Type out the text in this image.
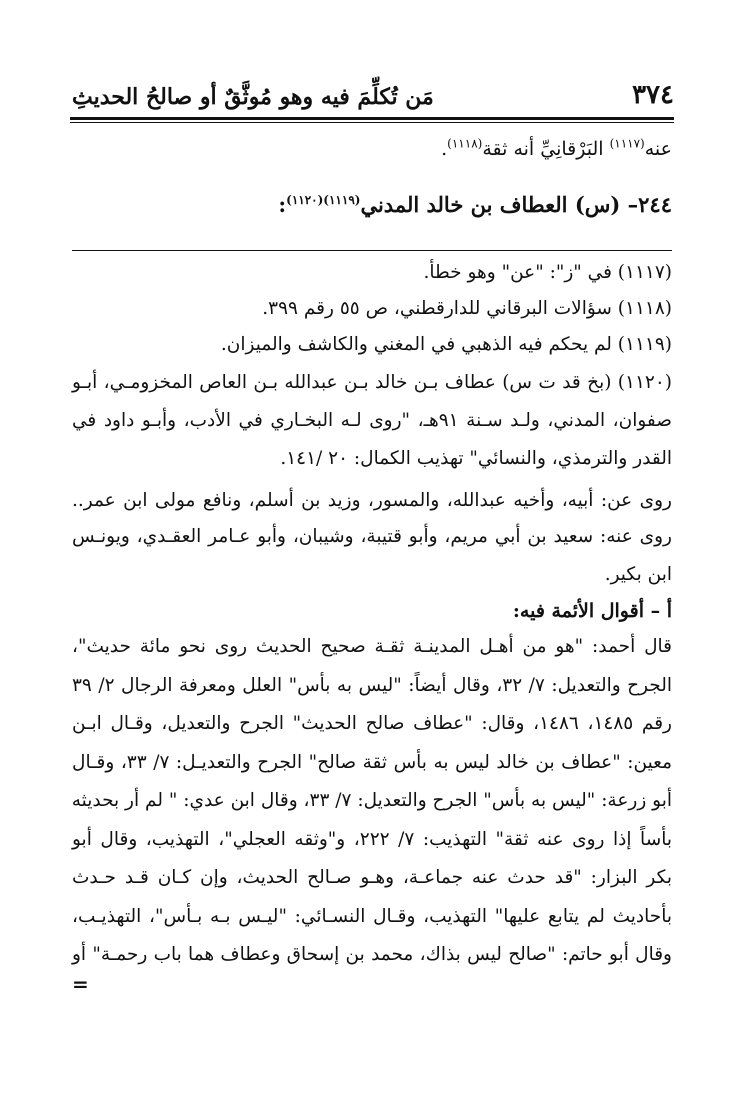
٣٧٤
مَن تُكلِّمَ فيه وهو مُوثَّقٌ أو صالحُ الحديثِ
عنه$^{(١١١٧)}$ البَرْقانِيِّ أنه ثقة$^{(١١١٨)}$.
٢٤٤– (س) العطاف بن خالد المدني$^{(١١١٩)(١١٢٠)}$:
(١١١٧) في "ز": "عن" وهو خطأ.
(١١١٨) سؤالات البرقاني للدارقطني، ص ٥٥ رقم ٣٩٩.
(١١١٩) لم يحكم فيه الذهبي في المغني والكاشف والميزان.
(١١٢٠) (بخ قد ت س) عطاف بـن خالد بـن عبدالله بـن العاص المخزومـي، أبـو
صفوان، المدني، ولـد سـنة ٩١هـ، "روى لـه البخـاري في الأدب، وأبـو داود في
القدر والترمذي، والنسائي" تهذيب الكمال: ٢٠ /١٤١.
روى عن: أبيه، وأخيه عبدالله، والمسور، وزيد بن أسلم، ونافع مولى ابن عمر..
روى عنه: سعيد بن أبي مريم، وأبو قتيبة، وشيبان، وأبو عـامر العقـدي، ويونـس
ابن بكير.
أ – أقوال الأئمة فيه:
قال أحمد: "هو من أهـل المدينـة ثقـة صحيح الحديث روى نحو مائة حديث"،
الجرح والتعديل: ٧/ ٣٢، وقال أيضاً: "ليس به بأس" العلل ومعرفة الرجال ٢/ ٣٩
رقم ١٤٨٥، ١٤٨٦، وقال: "عطاف صالح الحديث" الجرح والتعديل، وقـال ابـن
معين: "عطاف بن خالد ليس به بأس ثقة صالح" الجرح والتعديـل: ٧/ ٣٣، وقـال
أبو زرعة: "ليس به بأس" الجرح والتعديل: ٧/ ٣٣، وقال ابن عدي: " لم أر بحديثه
بأساً إذا روى عنه ثقة" التهذيب: ٧/ ٢٢٢، و"وثقه العجلي"، التهذيب، وقال أبو
بكر البزار: "قد حدث عنه جماعـة، وهـو صـالح الحديث، وإن كـان قـد حـدث
بأحاديث لم يتابع عليها" التهذيب، وقـال النسـائي: "ليـس بـه بـأس"، التهذيـب،
وقال أبو حاتم: "صالح ليس بذاك، محمد بن إسحاق وعطاف هما باب رحمـة" أو
=
